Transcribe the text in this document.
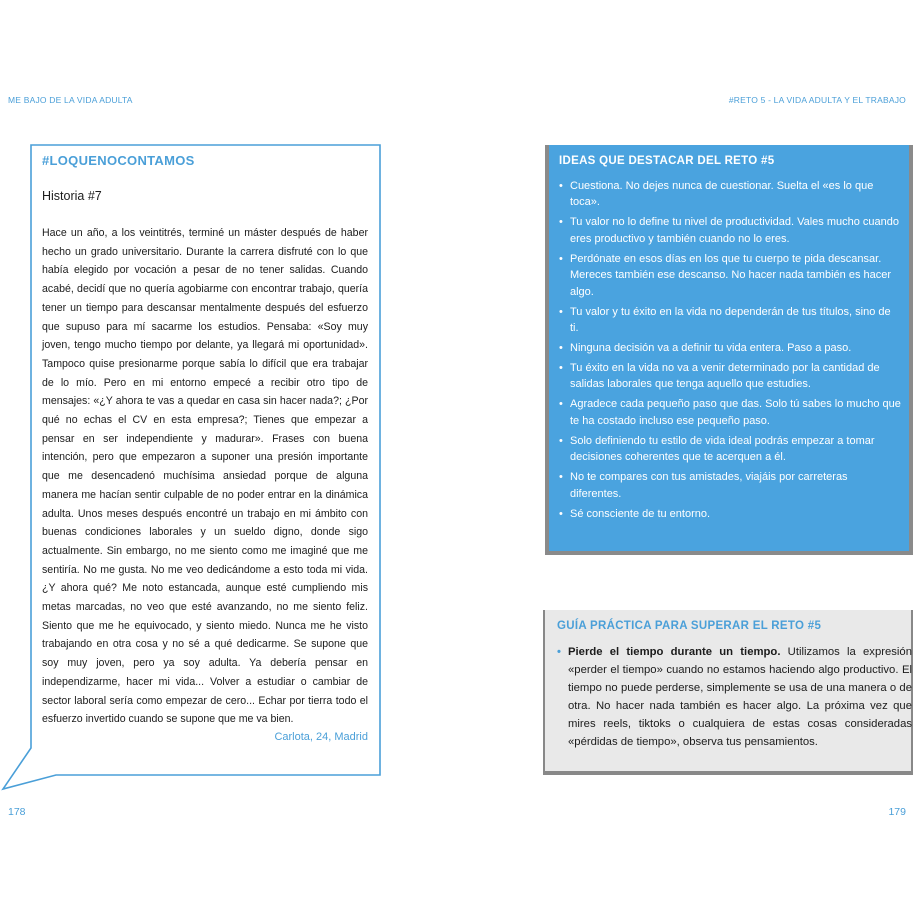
ME BAJO DE LA VIDA ADULTA	#RETO 5 - LA VIDA ADULTA Y EL TRABAJO

#LOQUENOCONTAMOS

Historia #7

Hace un año, a los veintitrés, terminé un máster después de haber hecho un grado universitario. Durante la carrera disfruté con lo que había elegido por vocación a pesar de no tener salidas. Cuando acabé, decidí que no quería agobiarme con encontrar trabajo, quería tener un tiempo para descansar mentalmente después del esfuerzo que supuso para mí sacarme los estudios. Pensaba: «Soy muy joven, tengo mucho tiempo por delante, ya llegará mi oportunidad». Tampoco quise presionarme porque sabía lo difícil que era trabajar de lo mío. Pero en mi entorno empecé a recibir otro tipo de mensajes: «¿Y ahora te vas a quedar en casa sin hacer nada?; ¿Por qué no echas el CV en esta empresa?; Tienes que empezar a pensar en ser independiente y madurar». Frases con buena intención, pero que empezaron a suponer una presión importante que me desencadenó muchísima ansiedad porque de alguna manera me hacían sentir culpable de no poder entrar en la dinámica adulta. Unos meses después encontré un trabajo en mi ámbito con buenas condiciones laborales y un sueldo digno, donde sigo actualmente. Sin embargo, no me siento como me imaginé que me sentiría. No me gusta. No me veo dedicándome a esto toda mi vida. ¿Y ahora qué? Me noto estancada, aunque esté cumpliendo mis metas marcadas, no veo que esté avanzando, no me siento feliz. Siento que me he equivocado, y siento miedo. Nunca me he visto trabajando en otra cosa y no sé a qué dedicarme. Se supone que soy muy joven, pero ya soy adulta. Ya debería pensar en independizarme, hacer mi vida... Volver a estudiar o cambiar de sector laboral sería como empezar de cero... Echar por tierra todo el esfuerzo invertido cuando se supone que me va bien.

Carlota, 24, Madrid

IDEAS QUE DESTACAR DEL RETO #5

• Cuestiona. No dejes nunca de cuestionar. Suelta el «es lo que toca».
• Tu valor no lo define tu nivel de productividad. Vales mucho cuando eres productivo y también cuando no lo eres.
• Perdónate en esos días en los que tu cuerpo te pida descansar. Mereces también ese descanso. No hacer nada también es hacer algo.
• Tu valor y tu éxito en la vida no dependerán de tus títulos, sino de ti.
• Ninguna decisión va a definir tu vida entera. Paso a paso.
• Tu éxito en la vida no va a venir determinado por la cantidad de salidas laborales que tenga aquello que estudies.
• Agradece cada pequeño paso que das. Solo tú sabes lo mucho que te ha costado incluso ese pequeño paso.
• Solo definiendo tu estilo de vida ideal podrás empezar a tomar decisiones coherentes que te acerquen a él.
• No te compares con tus amistades, viajáis por carreteras diferentes.
• Sé consciente de tu entorno.

GUÍA PRÁCTICA PARA SUPERAR EL RETO #5

• Pierde el tiempo durante un tiempo. Utilizamos la expresión «perder el tiempo» cuando no estamos haciendo algo productivo. El tiempo no puede perderse, simplemente se usa de una manera o de otra. No hacer nada también es hacer algo. La próxima vez que mires reels, tiktoks o cualquiera de estas cosas consideradas «pérdidas de tiempo», observa tus pensamientos.

178	179
